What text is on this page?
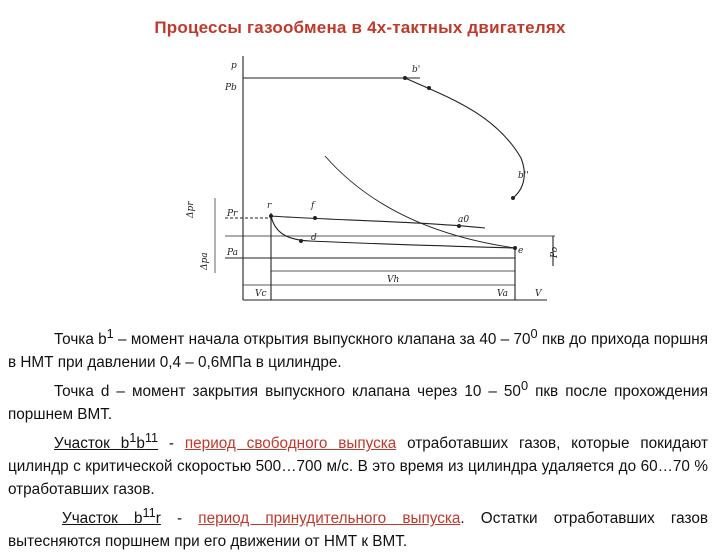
Процессы газообмена в 4х-тактных двигателях
p
Pb
Pr
Pa
b'
b''
r	f
d
a0
e
Vc
Vh
Va	V
Δpr
Δpa	Po

Точка $b^1$ – момент начала открытия выпускного клапана за $40 - 70^0$ пкв до прихода поршня в НМТ при давлении 0,4 – 0,6МПа в цилиндре.

Точка d – момент закрытия выпускного клапана через $10 - 50^0$ пкв после прохождения поршнем ВМТ.

Участок $b^1b^{11}$ - период свободного выпуска отработавших газов, которые покидают цилиндр с критической скоростью 500…700 м/с. В это время из цилиндра удаляется до 60…70 % отработавших газов.

Участок $b^{11}r$ - период принудительного выпуска. Остатки отработавших газов вытесняются поршнем при его движении от НМТ к ВМТ.
